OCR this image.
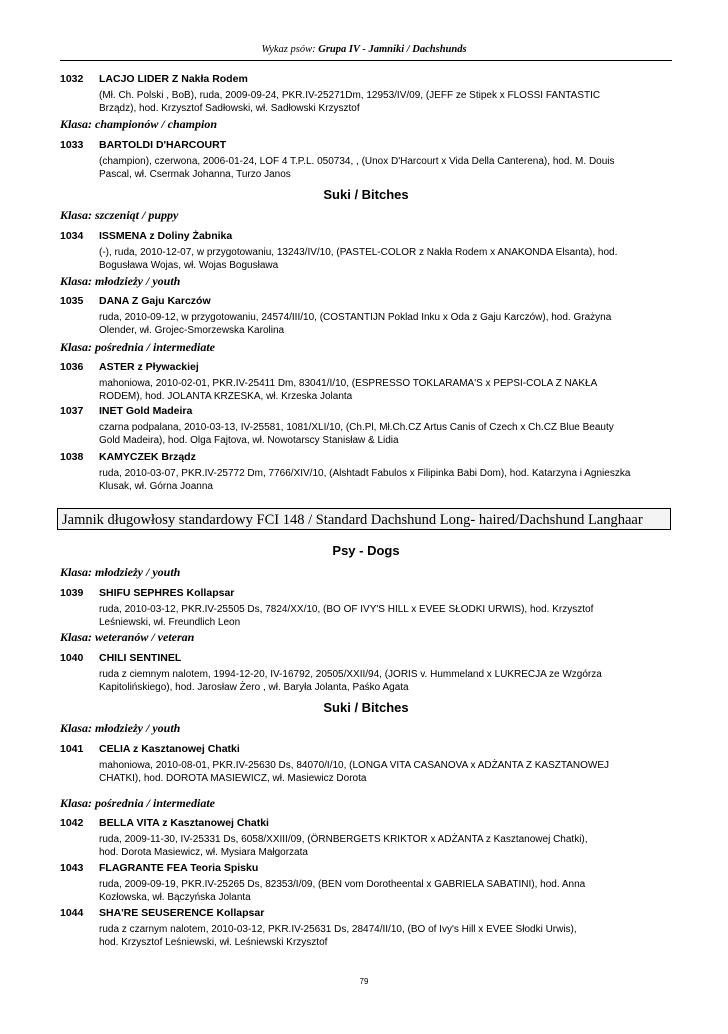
Wykaz psów: Grupa IV - Jamniki / Dachshunds
1032 LACJO LIDER Z Nakła Rodem
(Mł. Ch. Polski , BoB), ruda, 2009-09-24, PKR.IV-25271Dm, 12953/IV/09, (JEFF ze Stipek x FLOSSI FANTASTIC
Brządz), hod. Krzysztof Sadłowski, wł. Sadłowski Krzysztof
Klasa: championów / champion
1033 BARTOLDI D'HARCOURT
(champion), czerwona, 2006-01-24, LOF 4 T.P.L. 050734, , (Unox D'Harcourt x Vida Della Canterena), hod. M. Douis
Pascal, wł. Csermak Johanna, Turzo Janos
Suki / Bitches
Klasa: szczeniąt / puppy
1034 ISSMENA z Doliny Żabnika
(-), ruda, 2010-12-07, w przygotowaniu, 13243/IV/10, (PASTEL-COLOR z Nakła Rodem x ANAKONDA Elsanta), hod.
Bogusława Wojas, wł. Wojas Bogusława
Klasa: młodzieży / youth
1035 DANA Z Gaju Karczów
ruda, 2010-09-12, w przygotowaniu, 24574/III/10, (COSTANTIJN Poklad Inku x Oda z Gaju Karczów), hod. Grażyna
Olender, wł. Grojec-Smorzewska Karolina
Klasa: pośrednia / intermediate
1036 ASTER z Pływackiej
mahoniowa, 2010-02-01, PKR.IV-25411 Dm, 83041/I/10, (ESPRESSO TOKLARAMA'S x PEPSI-COLA Z NAKŁA
RODEM), hod. JOLANTA KRZESKA, wł. Krzeska Jolanta
1037 INET Gold Madeira
czarna podpalana, 2010-03-13, IV-25581, 1081/XLI/10, (Ch.Pl, Mł.Ch.CZ Artus Canis of Czech x Ch.CZ Blue Beauty
Gold Madeira), hod. Olga Fajtova, wł. Nowotarscy Stanisław & Lidia
1038 KAMYCZEK Brządz
ruda, 2010-03-07, PKR.IV-25772 Dm, 7766/XIV/10, (Alshtadt Fabulos x Filipinka Babi Dom), hod. Katarzyna i Agnieszka
Klusak, wł. Górna Joanna
Jamnik długowłosy standardowy FCI 148 / Standard Dachshund Long- haired/Dachshund Langhaar
Psy - Dogs
Klasa: młodzieży / youth
1039 SHIFU SEPHRES Kollapsar
ruda, 2010-03-12, PKR.IV-25505 Ds, 7824/XX/10, (BO OF IVY'S HILL x EVEE SŁODKI URWIS), hod. Krzysztof
Leśniewski, wł. Freundlich Leon
Klasa: weteranów / veteran
1040 CHILI SENTINEL
ruda z ciemnym nalotem, 1994-12-20, IV-16792, 20505/XXII/94, (JORIS v. Hummeland x LUKRECJA ze Wzgórza
Kapitolińskiego), hod. Jarosław Żero , wł. Baryła Jolanta, Paśko Agata
Suki / Bitches
Klasa: młodzieży / youth
1041 CELIA z Kasztanowej Chatki
mahoniowa, 2010-08-01, PKR.IV-25630 Ds, 84070/I/10, (LONGA VITA CASANOVA x ADŻANTA Z KASZTANOWEJ
CHATKI), hod. DOROTA MASIEWICZ, wł. Masiewicz Dorota
Klasa: pośrednia / intermediate
1042 BELLA VITA z Kasztanowej Chatki
ruda, 2009-11-30, IV-25331 Ds, 6058/XXIII/09, (ÖRNBERGETS KRIKTOR x ADŻANTA z Kasztanowej Chatki),
hod. Dorota Masiewicz, wł. Mysiara Małgorzata
1043 FLAGRANTE FEA Teoria Spisku
ruda, 2009-09-19, PKR.IV-25265 Ds, 82353/I/09, (BEN vom Dorotheental x GABRIELA SABATINI), hod. Anna
Kozłowska, wł. Bączyńska Jolanta
1044 SHA'RE SEUSERENCE Kollapsar
ruda z czarnym nalotem, 2010-03-12, PKR.IV-25631 Ds, 28474/II/10, (BO of Ivy's Hill x EVEE Słodki Urwis),
hod. Krzysztof Leśniewski, wł. Leśniewski Krzysztof
79
